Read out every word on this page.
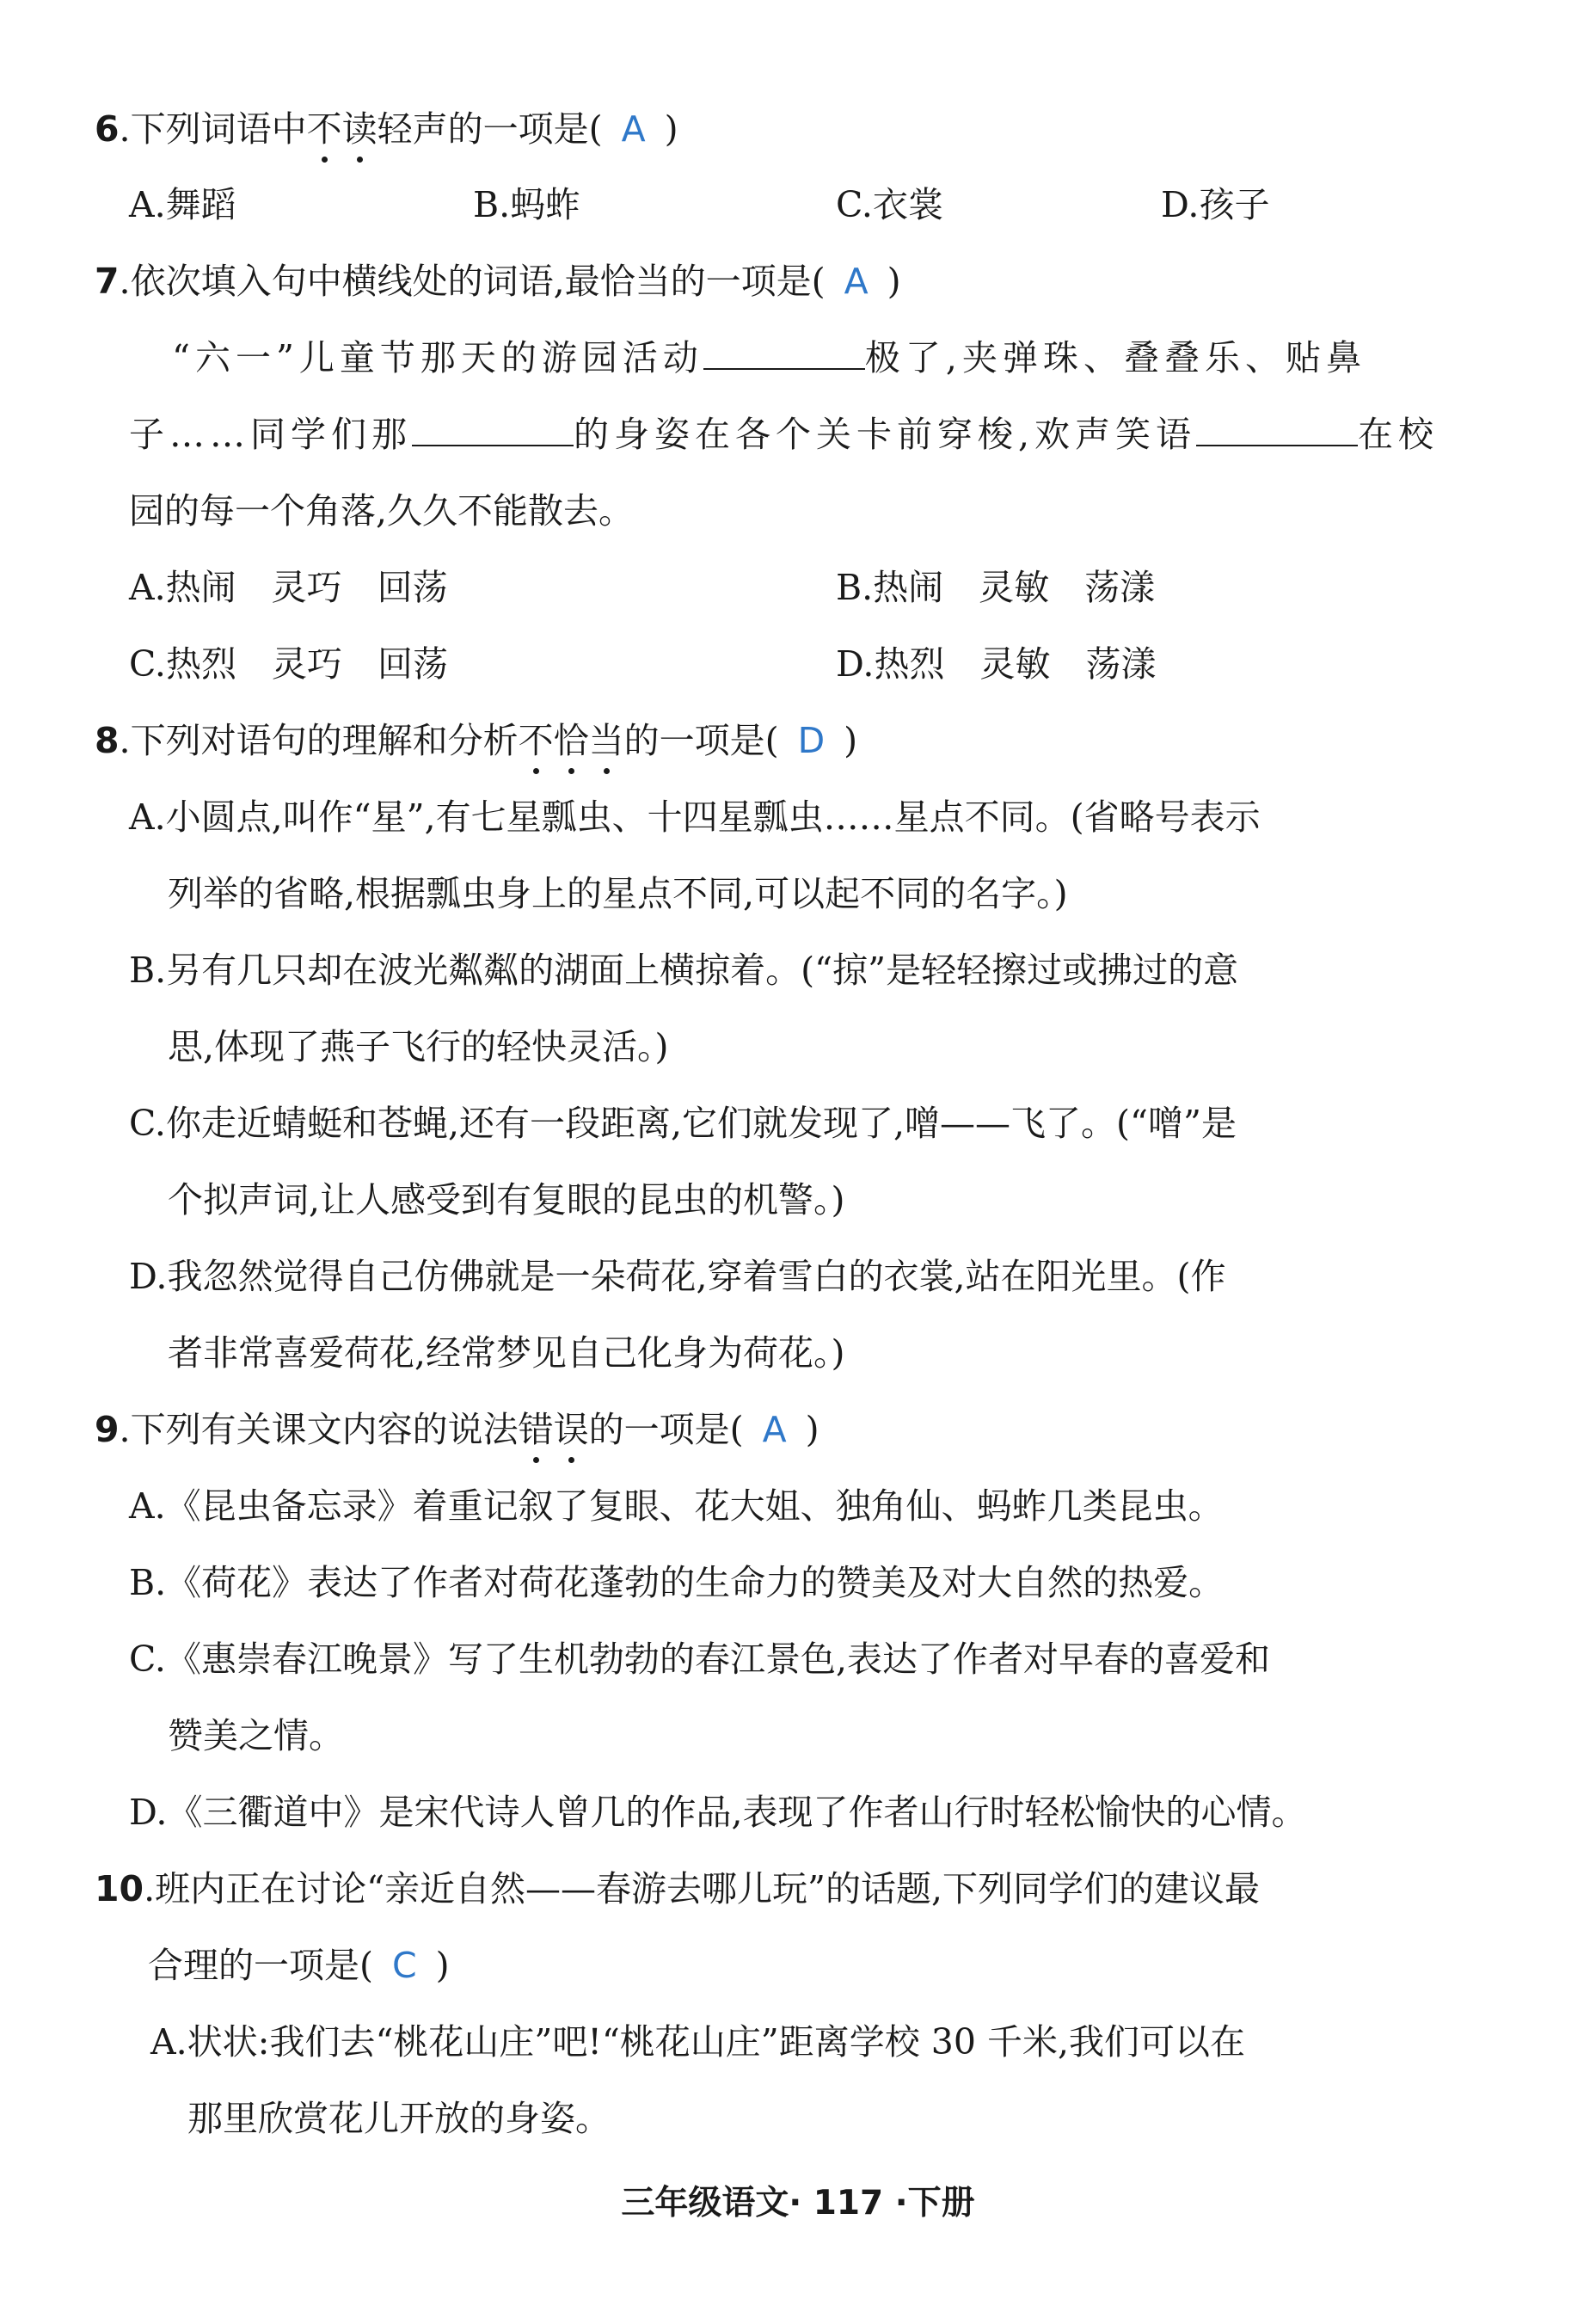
6.下列词语中不读轻声的一项是( A )
A.舞蹈	B.蚂蚱	C.衣裳	D.孩子
7.依次填入句中横线处的词语,最恰当的一项是( A )
“六一”儿童节那天的游园活动	极了,夹弹珠、叠叠乐、贴鼻
子……同学们那	的身姿在各个关卡前穿梭,欢声笑语	在校
园的每一个角落,久久不能散去。
A.热闹　灵巧　回荡	B.热闹　灵敏　荡漾
C.热烈　灵巧　回荡	D.热烈　灵敏　荡漾
8.下列对语句的理解和分析不恰当的一项是( D )
A.小圆点,叫作“星”,有七星瓢虫、十四星瓢虫……星点不同。(省略号表示
列举的省略,根据瓢虫身上的星点不同,可以起不同的名字。)
B.另有几只却在波光粼粼的湖面上横掠着。(“掠”是轻轻擦过或拂过的意
思,体现了燕子飞行的轻快灵活。)
C.你走近蜻蜓和苍蝇,还有一段距离,它们就发现了,噌——飞了。(“噌”是
个拟声词,让人感受到有复眼的昆虫的机警。)
D.我忽然觉得自己仿佛就是一朵荷花,穿着雪白的衣裳,站在阳光里。(作
者非常喜爱荷花,经常梦见自己化身为荷花。)
9.下列有关课文内容的说法错误的一项是( A )
A.《昆虫备忘录》着重记叙了复眼、花大姐、独角仙、蚂蚱几类昆虫。
B.《荷花》表达了作者对荷花蓬勃的生命力的赞美及对大自然的热爱。
C.《惠崇春江晚景》写了生机勃勃的春江景色,表达了作者对早春的喜爱和
赞美之情。
D.《三衢道中》是宋代诗人曾几的作品,表现了作者山行时轻松愉快的心情。
10.班内正在讨论“亲近自然——春游去哪儿玩”的话题,下列同学们的建议最
合理的一项是( C )
A.状状:我们去“桃花山庄”吧!“桃花山庄”距离学校 30 千米,我们可以在
那里欣赏花儿开放的身姿。
三年级语文· 117 ·下册
